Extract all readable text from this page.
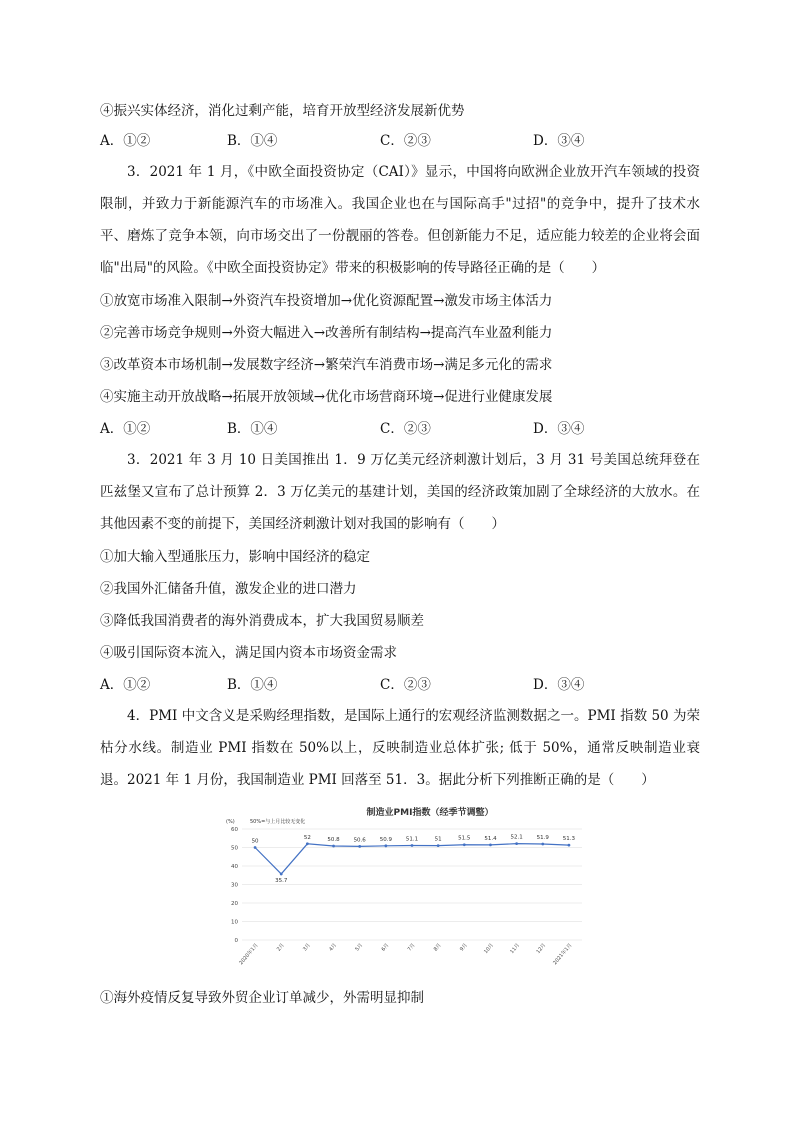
④振兴实体经济，消化过剩产能，培育开放型经济发展新优势
A．①②	B．①④	C．②③	D．③④
3．2021 年 1 月，《中欧全面投资协定（CAI）》显示，中国将向欧洲企业放开汽车领域的投资限制，并致力于新能源汽车的市场准入。我国企业也在与国际高手"过招"的竞争中，提升了技术水平、磨炼了竞争本领，向市场交出了一份靓丽的答卷。但创新能力不足，适应能力较差的企业将会面临"出局"的风险。《中欧全面投资协定》带来的积极影响的传导路径正确的是（　　）
①放宽市场准入限制→外资汽车投资增加→优化资源配置→激发市场主体活力
②完善市场竞争规则→外资大幅进入→改善所有制结构→提高汽车业盈利能力
③改革资本市场机制→发展数字经济→繁荣汽车消费市场→满足多元化的需求
④实施主动开放战略→拓展开放领域→优化市场营商环境→促进行业健康发展
A．①②	B．①④	C．②③	D．③④
3．2021 年 3 月 10 日美国推出 1．9 万亿美元经济刺激计划后，3 月 31 号美国总统拜登在匹兹堡又宣布了总计预算 2．3 万亿美元的基建计划，美国的经济政策加剧了全球经济的大放水。在其他因素不变的前提下，美国经济刺激计划对我国的影响有（　　）
①加大输入型通胀压力，影响中国经济的稳定
②我国外汇储备升值，激发企业的进口潜力
③降低我国消费者的海外消费成本，扩大我国贸易顺差
④吸引国际资本流入，满足国内资本市场资金需求
A．①②	B．①④	C．②③	D．③④
4．PMI 中文含义是采购经理指数，是国际上通行的宏观经济监测数据之一。PMI 指数 50 为荣枯分水线。制造业 PMI 指数在 50%以上，反映制造业总体扩张; 低于 50%，通常反映制造业衰退。2021 年 1 月份，我国制造业 PMI 回落至 51．3。据此分析下列推断正确的是（　　）
制造业PMI指数（经季节调整）
(%)	50%=与上月比较无变化
0
10
20
30
40
50
60
2020年1月	2月	3月	4月	5月	6月	7月	8月	9月	10月	11月	12月 2021年1月
50
35.7
52	50.8	50.6	50.9	51.1	51	51.5	51.4	52.1	51.9	51.3
①海外疫情反复导致外贸企业订单减少，外需明显抑制
